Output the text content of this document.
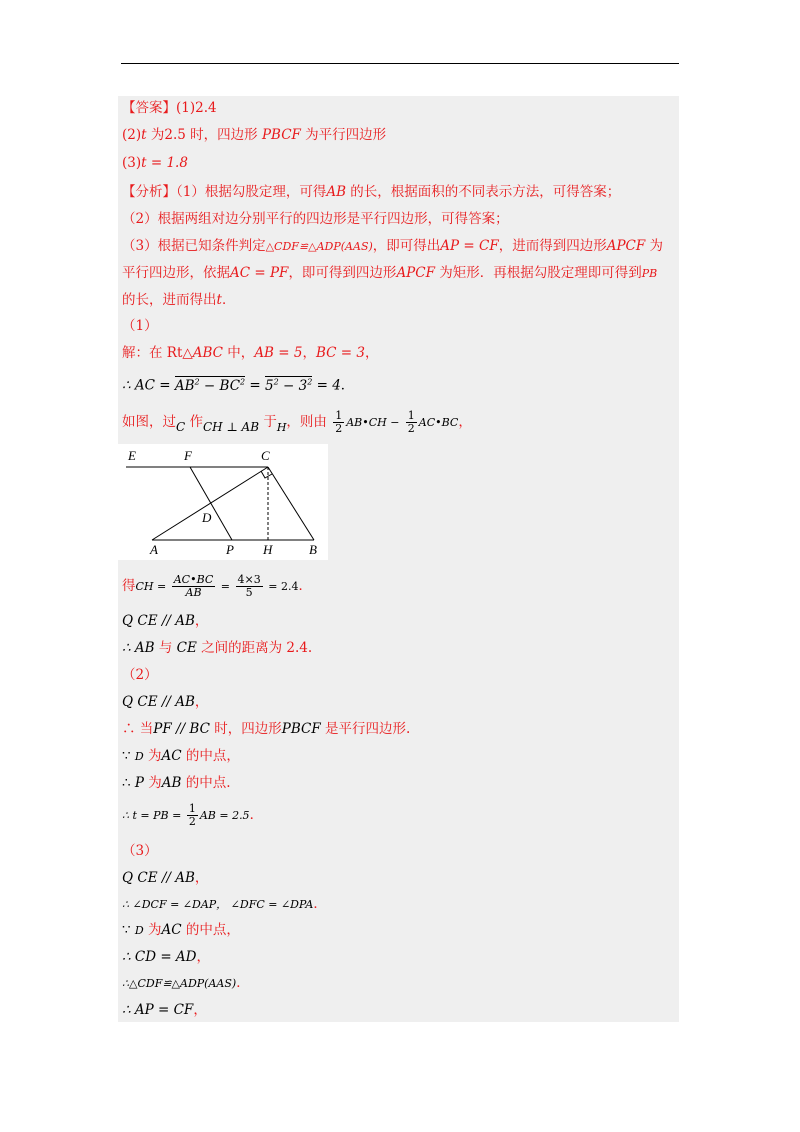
【答案】(1)2.4
(2)t 为2.5 时，四边形 PBCF 为平行四边形
(3)t = 1.8
【分析】（1）根据勾股定理，可得AB 的长，根据面积的不同表示方法，可得答案；
（2）根据两组对边分别平行的四边形是平行四边形，可得答案；
（3）根据已知条件判定△CDF≌△ADP(AAS)，即可得出AP = CF，进而得到四边形APCF 为
平行四边形，依据AC = PF，即可得到四边形APCF 为矩形．再根据勾股定理即可得到PB
的长，进而得出t．
（1）
解：在 Rt△ABC 中，AB = 5，BC = 3，
∴ AC = $AB^2 - BC^2 = 5^2 - 3^2 = 4$．
如图，过C 作CH ⊥ AB 于$_H$，则由 $\frac{1}{2}$ AB•CH − $\frac{1}{2}$ AC•BC，
E	F	C
D
A	P H	B
得CH = $\frac{AC•BC}{AB} = \frac{4\times 3}{5} = 2.4$．
Q CE // AB，
∴ AB 与 CE 之间的距离为 2.4.
（2）
Q CE // AB，
∴ 当PF // BC 时，四边形PBCF 是平行四边形.
∵ D 为AC 的中点，
∴ P 为AB 的中点.
∴ t = PB = $\frac{1}{2}$ AB = 2.5．
（3）
Q CE // AB，
∴ ∠DCF = ∠DAP， ∠DFC = ∠DPA．
∵ D 为AC 的中点，
∴ CD = AD，
∴△CDF≌△ADP(AAS)．
∴ AP = CF，
